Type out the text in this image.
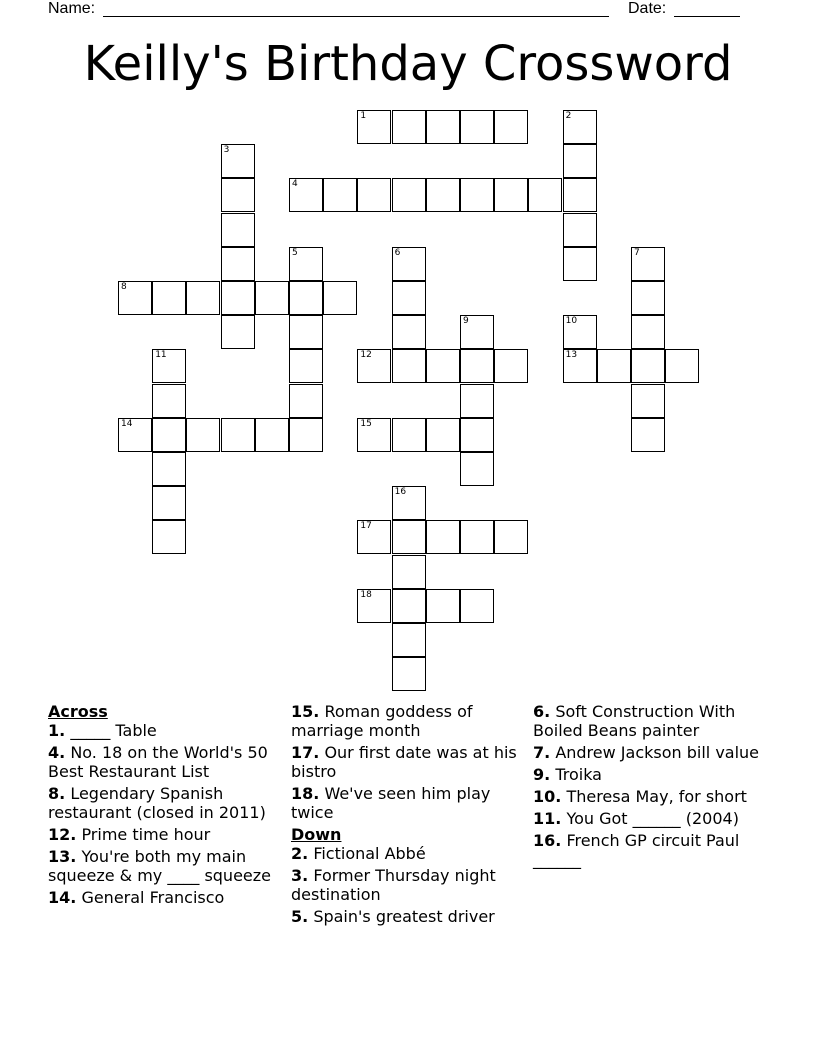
Name:	Date:
Keilly's Birthday Crossword
1	2
3
4
5	6	7
8
9	10
13
11	12
14	15
16
17
18
Across
1. _____ Table
4. No. 18 on the World's 50 Best Restaurant List
8. Legendary Spanish restaurant (closed in 2011)
12. Prime time hour
13. You're both my main squeeze & my ____ squeeze
14. General Francisco
15. Roman goddess of marriage month
17. Our first date was at his bistro
18. We've seen him play twice
Down
2. Fictional Abbé
3. Former Thursday night destination
5. Spain's greatest driver
6. Soft Construction With Boiled Beans painter
7. Andrew Jackson bill value
9. Troika
10. Theresa May, for short
11. You Got ______ (2004)
16. French GP circuit Paul ______
